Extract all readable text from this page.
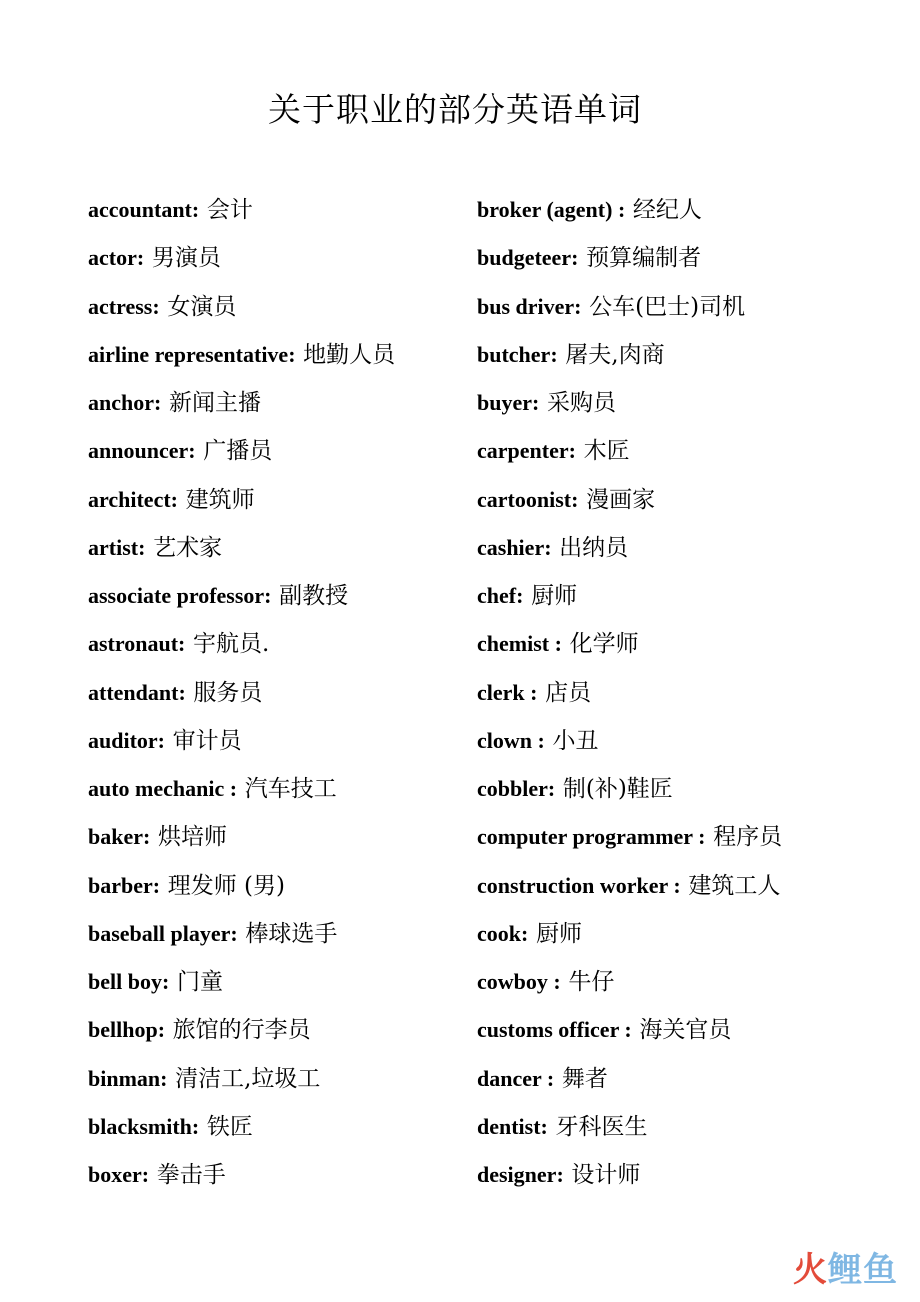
关于职业的部分英语单词
accountant: 会计
actor: 男演员
actress: 女演员
airline representative: 地勤人员
anchor: 新闻主播
announcer: 广播员
architect: 建筑师
artist: 艺术家
associate professor: 副教授
astronaut: 宇航员.
attendant: 服务员
auditor: 审计员
auto mechanic : 汽车技工
baker: 烘培师
barber: 理发师 (男)
baseball player: 棒球选手
bell boy: 门童
bellhop: 旅馆的行李员
binman: 清洁工,垃圾工
blacksmith: 铁匠
boxer: 拳击手
broker (agent) : 经纪人
budgeteer: 预算编制者
bus driver: 公车(巴士)司机
butcher: 屠夫,肉商
buyer: 采购员
carpenter: 木匠
cartoonist: 漫画家
cashier: 出纳员
chef: 厨师
chemist : 化学师
clerk : 店员
clown : 小丑
cobbler: 制(补)鞋匠
computer programmer : 程序员
construction worker : 建筑工人
cook: 厨师
cowboy : 牛仔
customs officer : 海关官员
dancer : 舞者
dentist: 牙科医生
designer: 设计师
火鲤鱼
